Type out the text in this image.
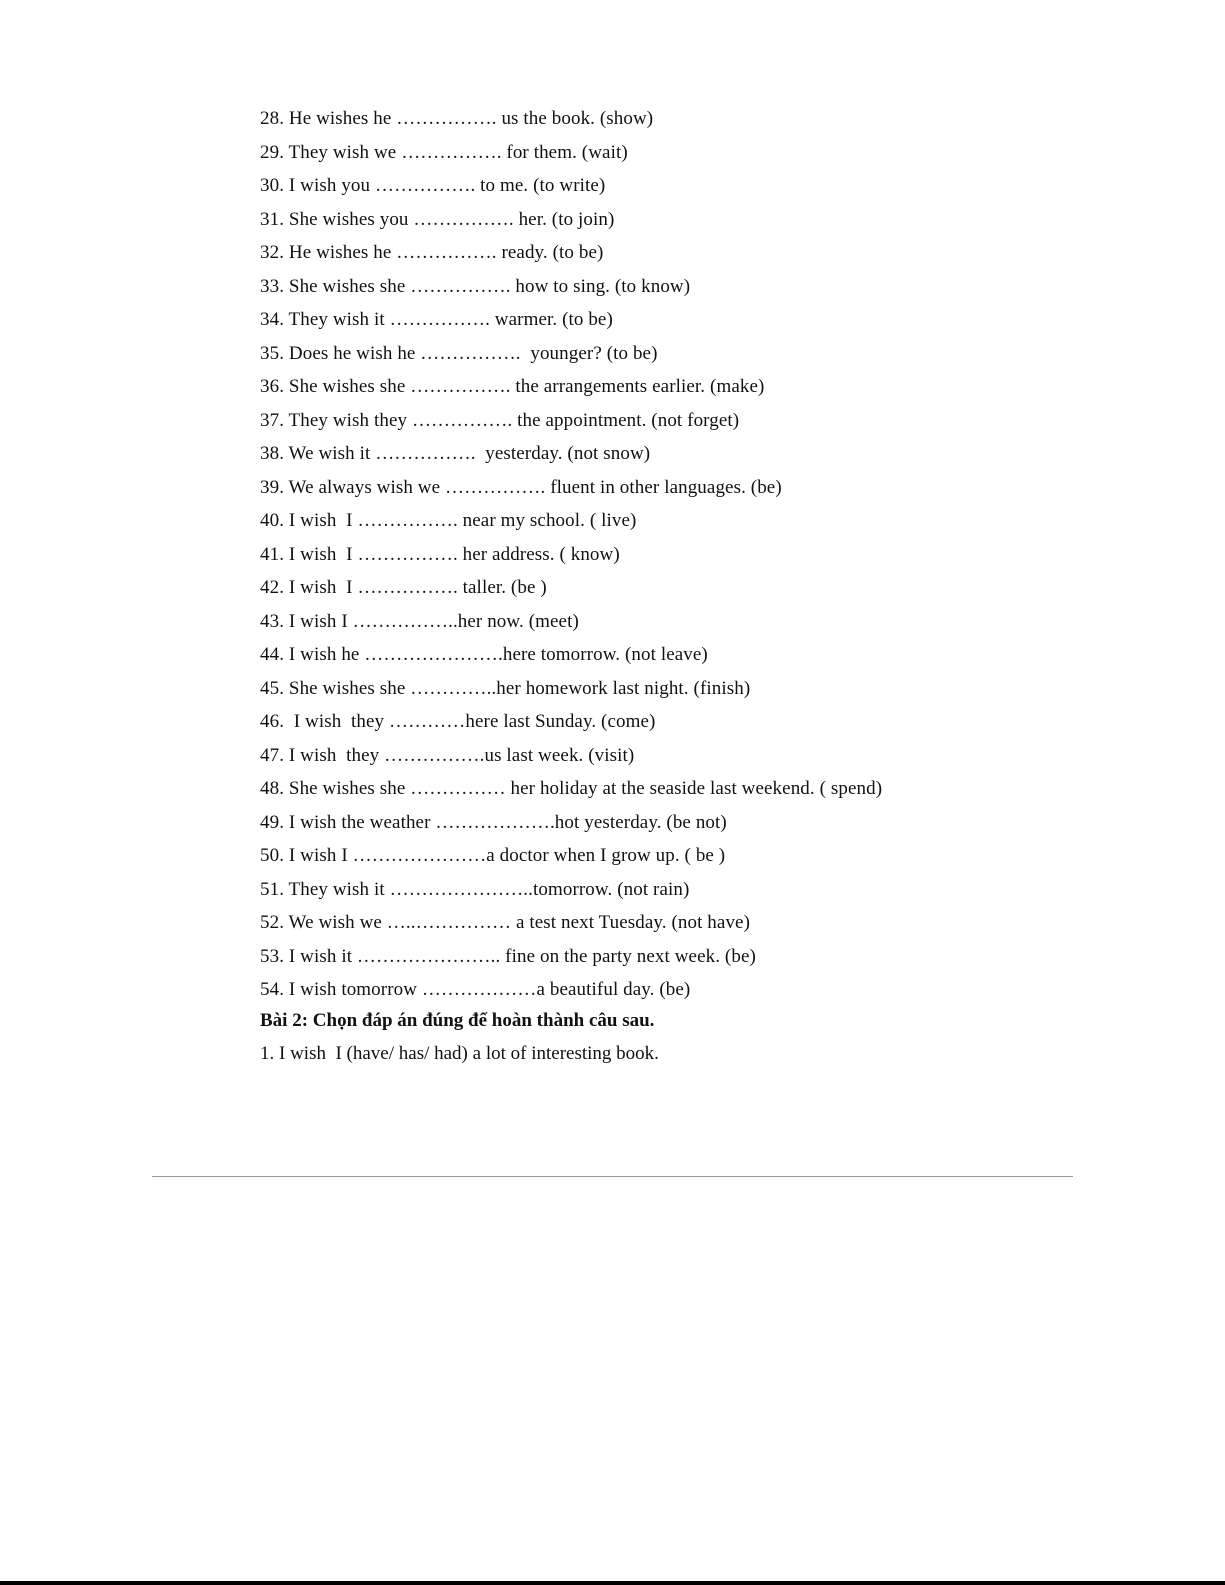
28. He wishes he ……………. us the book. (show)
29. They wish we ……………. for them. (wait)
30. I wish you ……………. to me. (to write)
31. She wishes you ……………. her. (to join)
32. He wishes he ……………. ready. (to be)
33. She wishes she ……………. how to sing. (to know)
34. They wish it ……………. warmer. (to be)
35. Does he wish he …………….  younger? (to be)
36. She wishes she ……………. the arrangements earlier. (make)
37. They wish they ……………. the appointment. (not forget)
38. We wish it …………….  yesterday. (not snow)
39. We always wish we ……………. fluent in other languages. (be)
40. I wish  I ……………. near my school. ( live)
41. I wish  I ……………. her address. ( know)
42. I wish  I ……………. taller. (be )
43. I wish I ……………..her now. (meet)
44. I wish he ………………….here tomorrow. (not leave)
45. She wishes she …………..her homework last night. (finish)
46.  I wish  they …………here last Sunday. (come)
47. I wish  they …………….us last week. (visit)
48. She wishes she …………… her holiday at the seaside last weekend. ( spend)
49. I wish the weather ……………….hot yesterday. (be not)
50. I wish I …………………a doctor when I grow up. ( be )
51. They wish it …………………..tomorrow. (not rain)
52. We wish we …..…………… a test next Tuesday. (not have)
53. I wish it ………………….. fine on the party next week. (be)
54. I wish tomorrow ………………a beautiful day. (be)
Bài 2: Chọn đáp án đúng để hoàn thành câu sau.
1. I wish  I (have/ has/ had) a lot of interesting book.
